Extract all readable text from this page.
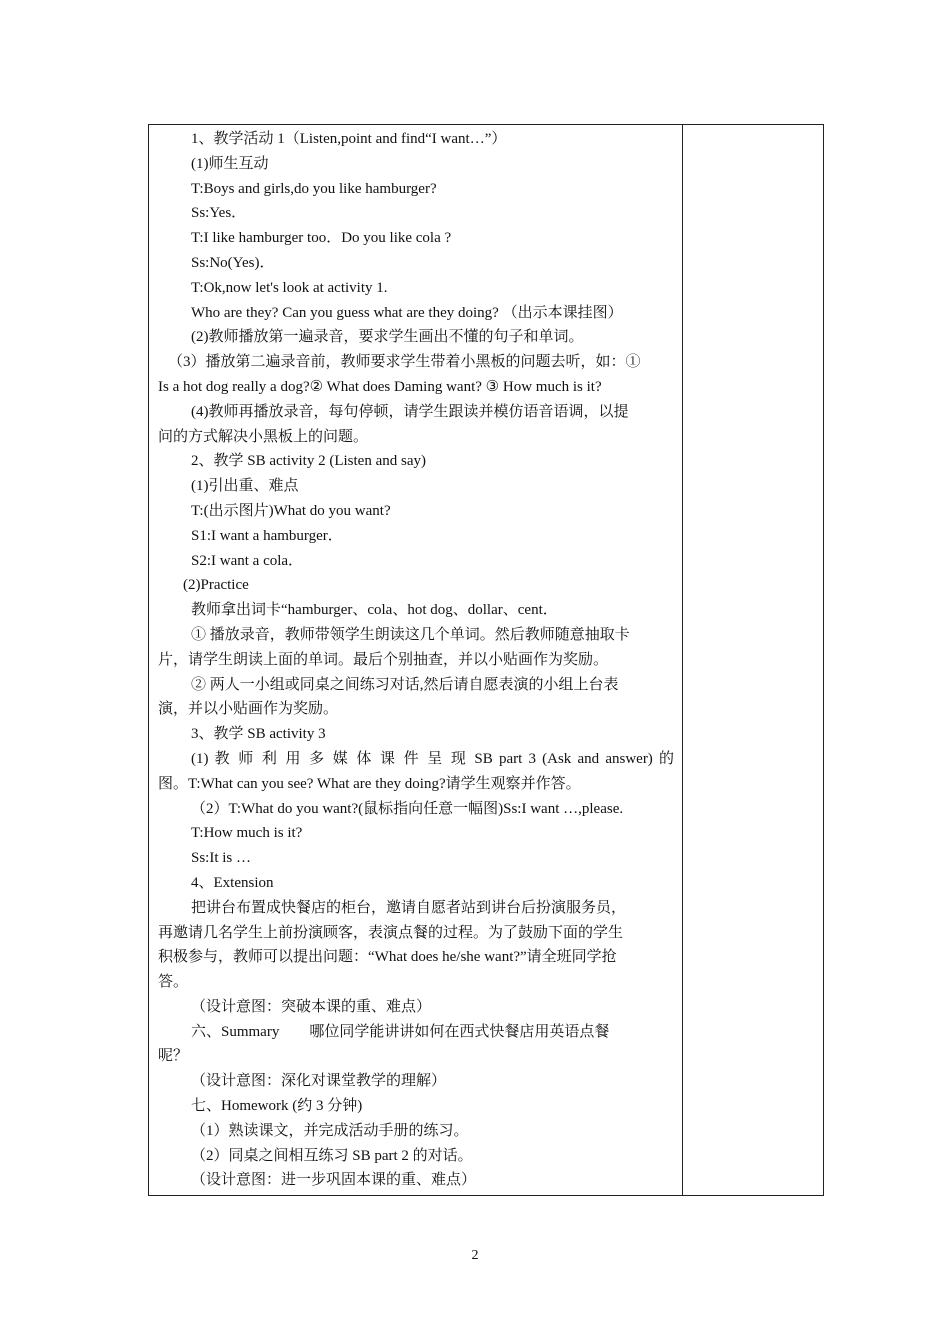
1、教学活动 1（Listen,point and find“I want…”）
(1)师生互动
T:Boys and girls,do you like hamburger?
Ss:Yes．
T:I like hamburger too．Do you like cola ?
Ss:No(Yes)．
T:Ok,now let's look at activity 1.
Who are they? Can you guess what are they doing? （出示本课挂图）
(2)教师播放第一遍录音，要求学生画出不懂的句子和单词。
（3）播放第二遍录音前，教师要求学生带着小黑板的问题去听，如：①
Is a hot dog really a dog?② What does Daming want? ③ How much is it?
(4)教师再播放录音，每句停顿，请学生跟读并模仿语音语调，以提
问的方式解决小黑板上的问题。
2、教学 SB activity 2 (Listen and say)
(1)引出重、难点
T:(出示图片)What do you want?
S1:I want a hamburger．
S2:I want a cola．
(2)Practice
教师拿出词卡“hamburger、cola、hot dog、dollar、cent．
① 播放录音，教师带领学生朗读这几个单词。然后教师随意抽取卡
片，请学生朗读上面的单词。最后个别抽查，并以小贴画作为奖励。
② 两人一小组或同桌之间练习对话,然后请自愿表演的小组上台表
演，并以小贴画作为奖励。
3、教学 SB activity 3
(1) 教 师 利 用 多 媒 体 课 件 呈 现 SB part 3 (Ask and answer) 的
图。T:What can you see? What are they doing?请学生观察并作答。
（2）T:What do you want?(鼠标指向任意一幅图)Ss:I want …,please.
T:How much is it?
Ss:It is …
4、Extension
把讲台布置成快餐店的柜台，邀请自愿者站到讲台后扮演服务员，
再邀请几名学生上前扮演顾客，表演点餐的过程。为了鼓励下面的学生
积极参与，教师可以提出问题：“What does he/she want?”请全班同学抢
答。
（设计意图：突破本课的重、难点）
六、Summary　　哪位同学能讲讲如何在西式快餐店用英语点餐
呢？
（设计意图：深化对课堂教学的理解）
七、Homework (约 3 分钟)
（1）熟读课文，并完成活动手册的练习。
（2）同桌之间相互练习 SB part 2 的对话。
（设计意图：进一步巩固本课的重、难点）
2
